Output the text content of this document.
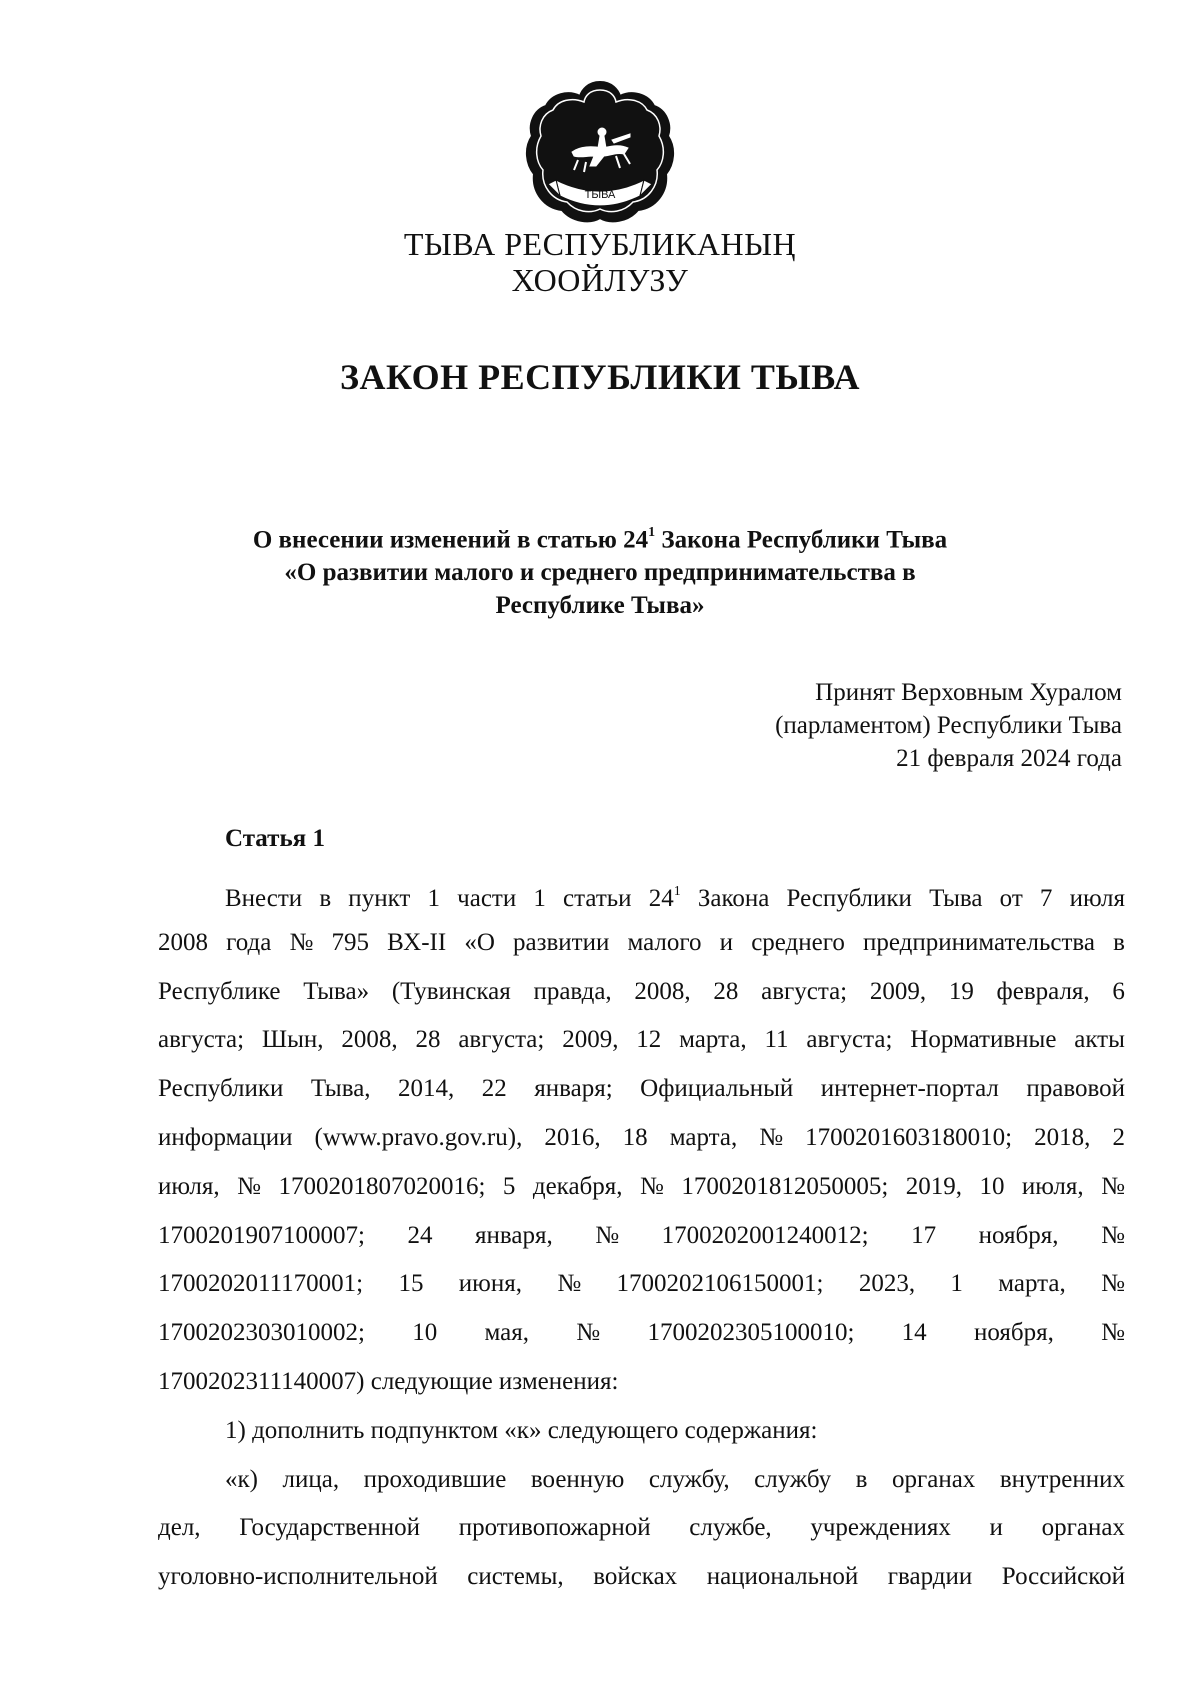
ТЫВА
ТЫВА РЕСПУБЛИКАНЫҢ
ХООЙЛУЗУ
ЗАКОН РЕСПУБЛИКИ ТЫВА
О внесении изменений в статью $24^1$ Закона Республики Тыва
«О развитии малого и среднего предпринимательства в
Республике Тыва»
Принят Верховным Хуралом
(парламентом) Республики Тыва
21 февраля 2024 года
Статья 1
Внести в пункт 1 части 1 статьи $24^1$ Закона Республики Тыва от 7 июля
2008 года № 795 ВХ-II «О развитии малого и среднего предпринимательства в
Республике Тыва» (Тувинская правда, 2008, 28 августа; 2009, 19 февраля, 6
августа; Шын, 2008, 28 августа; 2009, 12 марта, 11 августа; Нормативные акты
Республики Тыва, 2014, 22 января; Официальный интернет-портал правовой
информации (www.pravo.gov.ru), 2016, 18 марта, № 1700201603180010; 2018, 2
июля, № 1700201807020016; 5 декабря, № 1700201812050005; 2019, 10 июля, №
1700201907100007; 24 января, № 1700202001240012; 17 ноября, №
1700202011170001; 15 июня, № 1700202106150001; 2023, 1 марта, №
1700202303010002; 10 мая, № 1700202305100010; 14 ноября, №
1700202311140007) следующие изменения:
1) дополнить подпунктом «к» следующего содержания:
«к) лица, проходившие военную службу, службу в органах внутренних
дел, Государственной противопожарной службе, учреждениях и органах
уголовно-исполнительной системы, войсках национальной гвардии Российской
